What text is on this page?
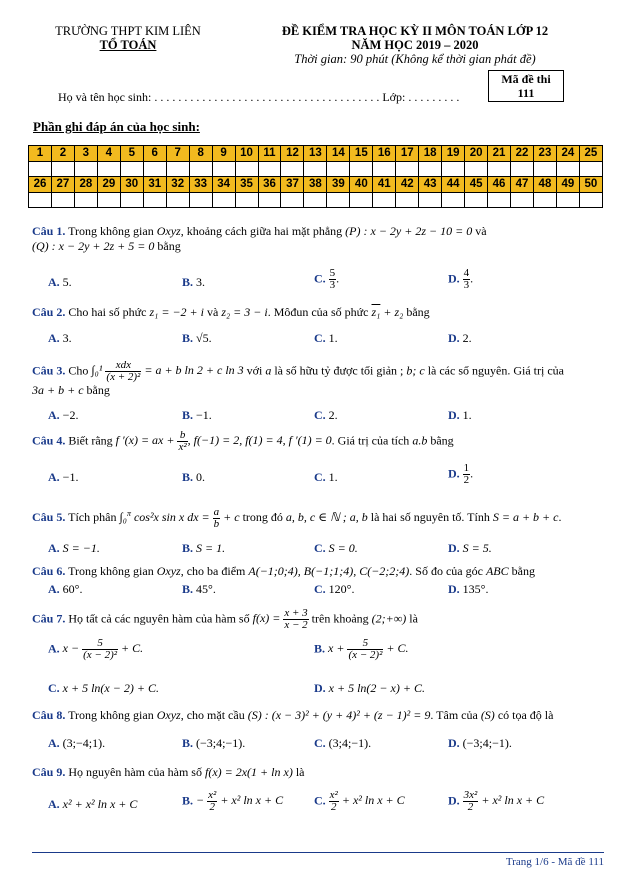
TRƯỜNG THPT KIM LIÊN
TỔ TOÁN
ĐỀ KIỂM TRA HỌC KỲ II MÔN TOÁN LỚP 12
NĂM HỌC 2019 – 2020
Thời gian: 90 phút (Không kể thời gian phát đề)
Mã đề thi
111
Họ và tên học sinh: . . . . . . . . . . . . . . . . . . . . . . . . . . . . . . . . . . . . . . Lớp: . . . . . . . . .
Phần ghi đáp án của học sinh:
1	2	3	4	5	6	7	8	9	10	11	12	13	14	15	16	17	18	19	20	21	22	23	24	25

26	27	28	29	30	31	32	33	34	35	36	37	38	39	40	41	42	43	44	45	46	47	48	49	50

Câu 1. Trong không gian Oxyz, khoảng cách giữa hai mặt phẳng (P) : x − 2y + 2z − 10 = 0 và
(Q) : x − 2y + 2z + 5 = 0 bằng
A. 5.	B. 3.	C. $\frac{5}{3}$ .	D. $\frac{4}{3}$ .
Câu 2. Cho hai số phức z₁ = −2 + i và z₂ = 3 − i. Môđun của số phức z₁ + z₂ bằng
A. 3.	B. √5.	C. 1.	D. 2.
Câu 3. Cho $\int_0^1 \frac{\text{xdx}}{\text{(x + 2)²}} = a + b$ ln 2 + c ln 3 với a là số hữu tỷ được tối giản ; b; c là các số nguyên. Giá trị của
3a + b + c bằng
A. −2.	B. −1.	C. 2.	D. 1.
Câu 4. Biết rằng f ′(x) = ax + $\frac{b}{\text{x²}}$ , f(−1) = 2, f(1) = 4, f ′(1) = 0. Giá trị của tích a.b bằng
A. −1.	B. 0.	C. 1.	D. $\frac{1}{2}$ .
Câu 5. Tích phân ∫₀$^\pi$ cos²x sin x dx = $\frac{a}{b} + c$ trong đó a, b, c ∈ ℕ ; a, b là hai số nguyên tố. Tính S = a + b + c.
A. S = −1.	B. S = 1.	C. S = 0.	D. S = 5.
Câu 6. Trong không gian Oxyz, cho ba điểm A(−1;0;4), B(−1;1;4), C(−2;2;4). Số đo của góc ABC bằng
A. 60°.	B. 45°.	C. 120°.	D. 135°.
Câu 7. Họ tất cả các nguyên hàm của hàm số $f(x) = \frac{x + 3}{x - 2}$ trên khoảng (2;+∞) là
A. $x - \frac{5}{\text{(x − 2)²}} + C$.	B. $x + \frac{5}{\text{(x − 2)²}} + C$.
C. x + 5 ln(x − 2) + C.	D. x + 5 ln(2 − x) + C.
Câu 8. Trong không gian Oxyz, cho mặt cầu (S) : (x − 3)² + (y + 4)² + (z − 1)² = 9. Tâm của (S) có tọa độ là
A. (3;−4;1).	B. (−3;4;−1).	C. (3;4;−1).	D. (−3;4;−1).
Câu 9. Họ nguyên hàm của hàm số f(x) = 2x(1 + ln x) là
A. x² + x² ln x + C	B. − $\frac{\text{x²}}{2} + x^2$ ln x + C	C. $\frac{\text{x²}}{2} + x^2$ ln x + C	D. $\frac{\text{3x²}}{2} + x^2$ ln x + C
Trang 1/6 - Mã đề 111
